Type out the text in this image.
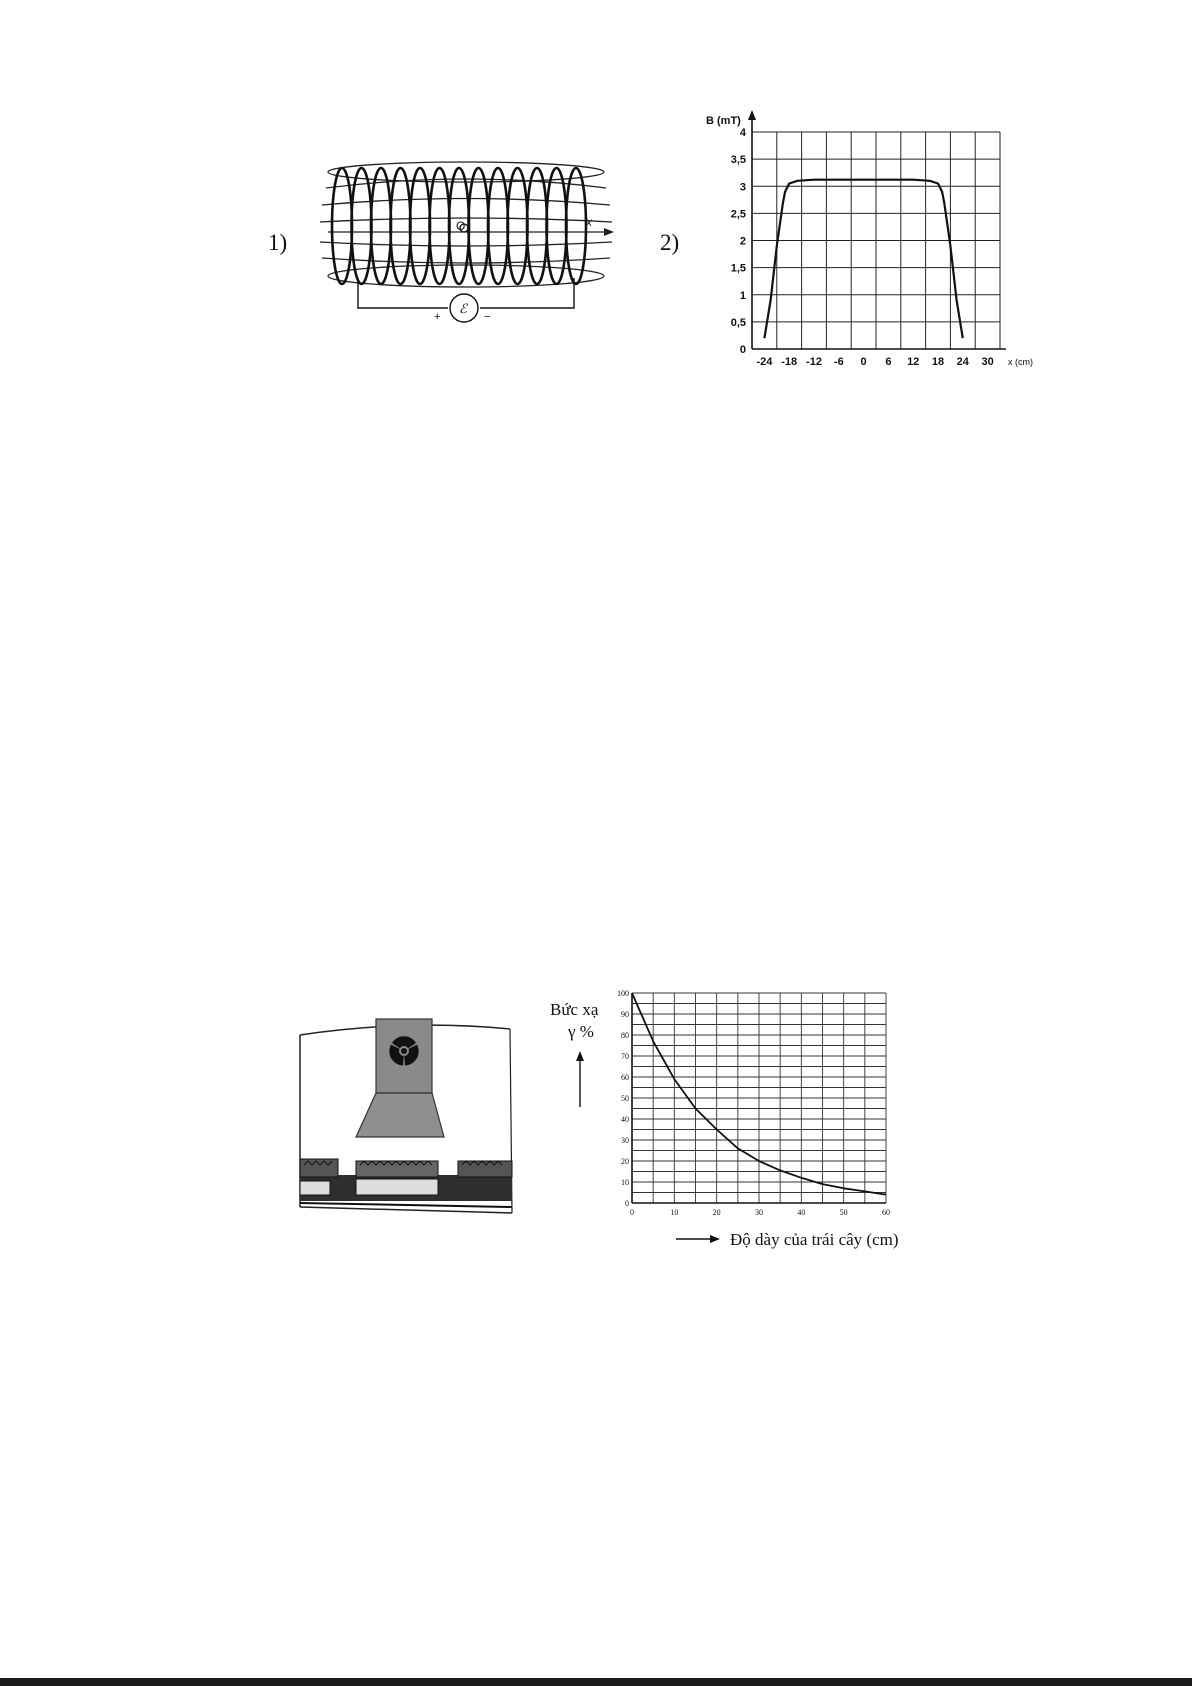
1)	2)
x
O
ℰ
+	−
0
0,5
1
1,5
2
2,5
3
3,5
4
-24 -18 -12 -6 0 6 12 18 24 30
B (mT)
x (cm)
0
10
20
30
40
50
60
70
80
90
100
0	10	20	30	40	50	60
Bức xạ
γ %
Độ dày của trái cây (cm)
